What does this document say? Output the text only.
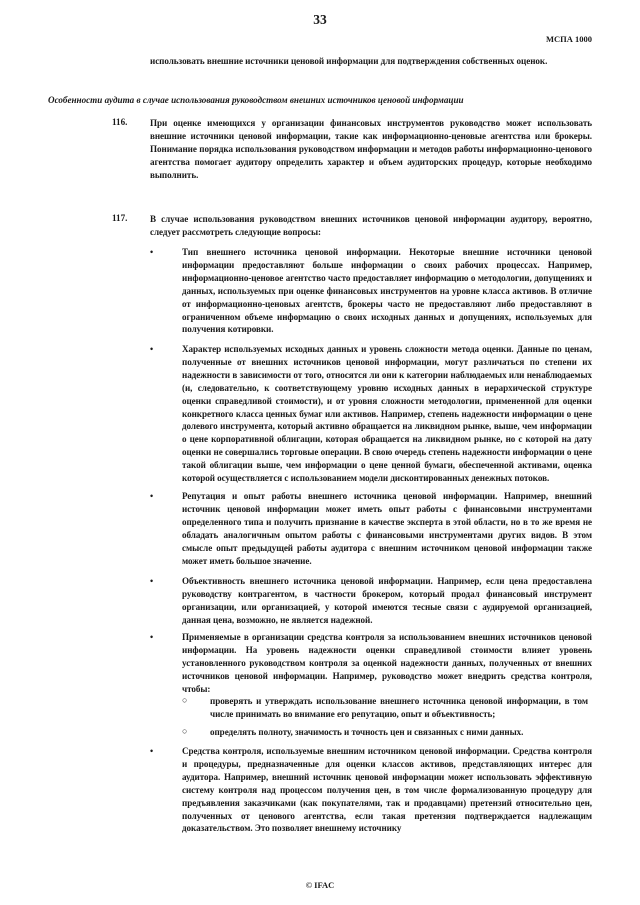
33
МСПА 1000
использовать внешние источники ценовой информации для подтверждения собственных оценок.
Особенности аудита в случае использования руководством внешних источников ценовой информации
116. При оценке имеющихся у организации финансовых инструментов руководство может использовать внешние источники ценовой информации, такие как информационно-ценовые агентства или брокеры. Понимание порядка использования руководством информации и методов работы информационно-ценового агентства помогает аудитору определить характер и объем аудиторских процедур, которые необходимо выполнить.
117. В случае использования руководством внешних источников ценовой информации аудитору, вероятно, следует рассмотреть следующие вопросы:
•	Тип внешнего источника ценовой информации. Некоторые внешние источники ценовой информации предоставляют больше информации о своих рабочих процессах. Например, информационно-ценовое агентство часто предоставляет информацию о методологии, допущениях и данных, используемых при оценке финансовых инструментов на уровне класса активов. В отличие от информационно-ценовых агентств, брокеры часто не предоставляют либо предоставляют в ограниченном объеме информацию о своих исходных данных и допущениях, используемых для получения котировки.
•	Характер используемых исходных данных и уровень сложности метода оценки. Данные по ценам, полученные от внешних источников ценовой информации, могут различаться по степени их надежности в зависимости от того, относятся ли они к категории наблюдаемых или ненаблюдаемых (и, следовательно, к соответствующему уровню исходных данных в иерархической структуре оценки справедливой стоимости), и от уровня сложности методологии, примененной для оценки конкретного класса ценных бумаг или активов. Например, степень надежности информации о цене долевого инструмента, который активно обращается на ликвидном рынке, выше, чем информации о цене корпоративной облигации, которая обращается на ликвидном рынке, но с которой на дату оценки не совершались торговые операции. В свою очередь степень надежности информации о цене такой облигации выше, чем информации о цене ценной бумаги, обеспеченной активами, оценка которой осуществляется с использованием модели дисконтированных денежных потоков.
•	Репутация и опыт работы внешнего источника ценовой информации. Например, внешний источник ценовой информации может иметь опыт работы с финансовыми инструментами определенного типа и получить признание в качестве эксперта в этой области, но в то же время не обладать аналогичным опытом работы с финансовыми инструментами других видов. В этом смысле опыт предыдущей работы аудитора с внешним источником ценовой информации также может иметь большое значение.
•	Объективность внешнего источника ценовой информации. Например, если цена предоставлена руководству контрагентом, в частности брокером, который продал финансовый инструмент организации, или организацией, у которой имеются тесные связи с аудируемой организацией, данная цена, возможно, не является надежной.
•	Применяемые в организации средства контроля за использованием внешних источников ценовой информации. На уровень надежности оценки справедливой стоимости влияет уровень установленного руководством контроля за оценкой надежности данных, полученных от внешних источников ценовой информации. Например, руководство может внедрить средства контроля, чтобы:
○ проверять и утверждать использование внешнего источника ценовой информации, в том числе принимать во внимание его репутацию, опыт и объективность;
○ определять полноту, значимость и точность цен и связанных с ними данных.
•	Средства контроля, используемые внешним источником ценовой информации. Средства контроля и процедуры, предназначенные для оценки классов активов, представляющих интерес для аудитора. Например, внешний источник ценовой информации может использовать эффективную систему контроля над процессом получения цен, в том числе формализованную процедуру для предъявления заказчиками (как покупателями, так и продавцами) претензий относительно цен, полученных от ценового агентства, если такая претензия подтверждается надлежащим доказательством. Это позволяет внешнему источнику
© IFAC
